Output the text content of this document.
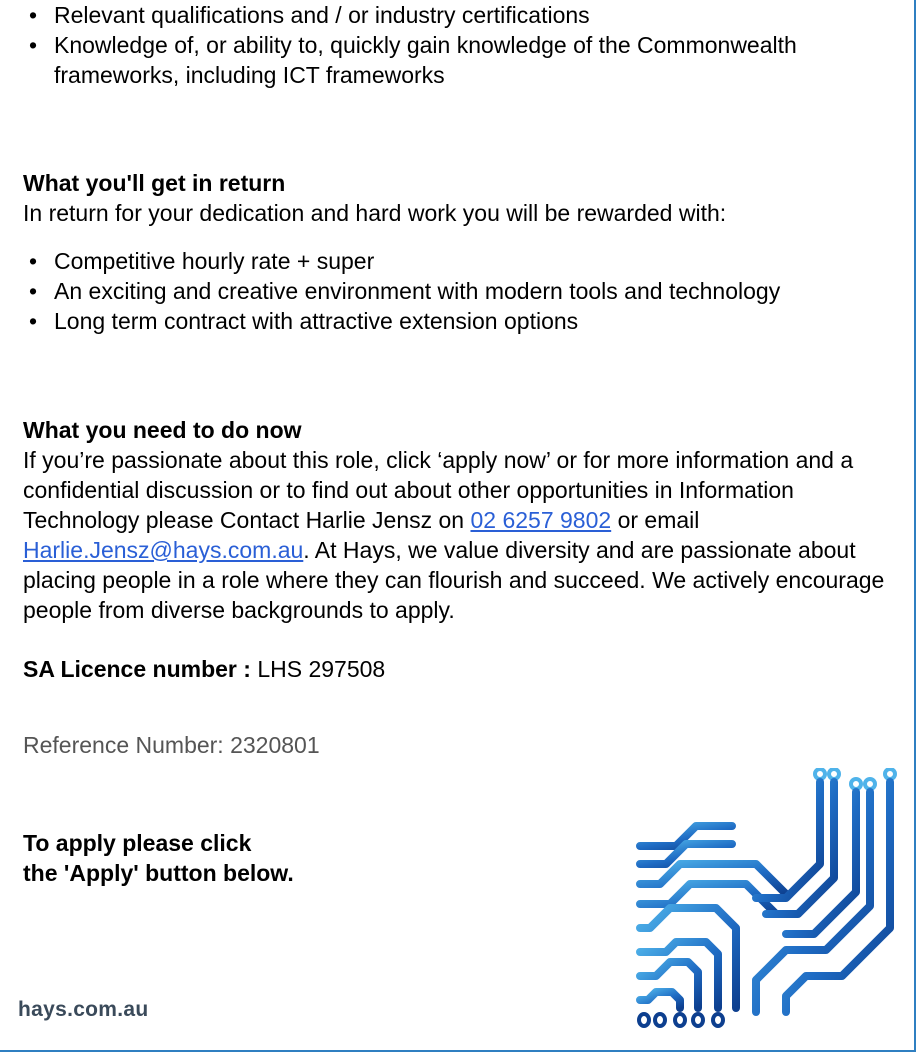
• Relevant qualifications and / or industry certifications
• Knowledge of, or ability to, quickly gain knowledge of the Commonwealth frameworks, including ICT frameworks
What you'll get in return
In return for your dedication and hard work you will be rewarded with:
• Competitive hourly rate + super
• An exciting and creative environment with modern tools and technology
• Long term contract with attractive extension options
What you need to do now
If you’re passionate about this role, click ‘apply now’ or for more information and a confidential discussion or to find out about other opportunities in Information Technology please Contact Harlie Jensz on 02 6257 9802 or email Harlie.Jensz@hays.com.au. At Hays, we value diversity and are passionate about placing people in a role where they can flourish and succeed. We actively encourage people from diverse backgrounds to apply.
SA Licence number : LHS 297508
Reference Number: 2320801
To apply please click
the 'Apply' button below.
hays.com.au
